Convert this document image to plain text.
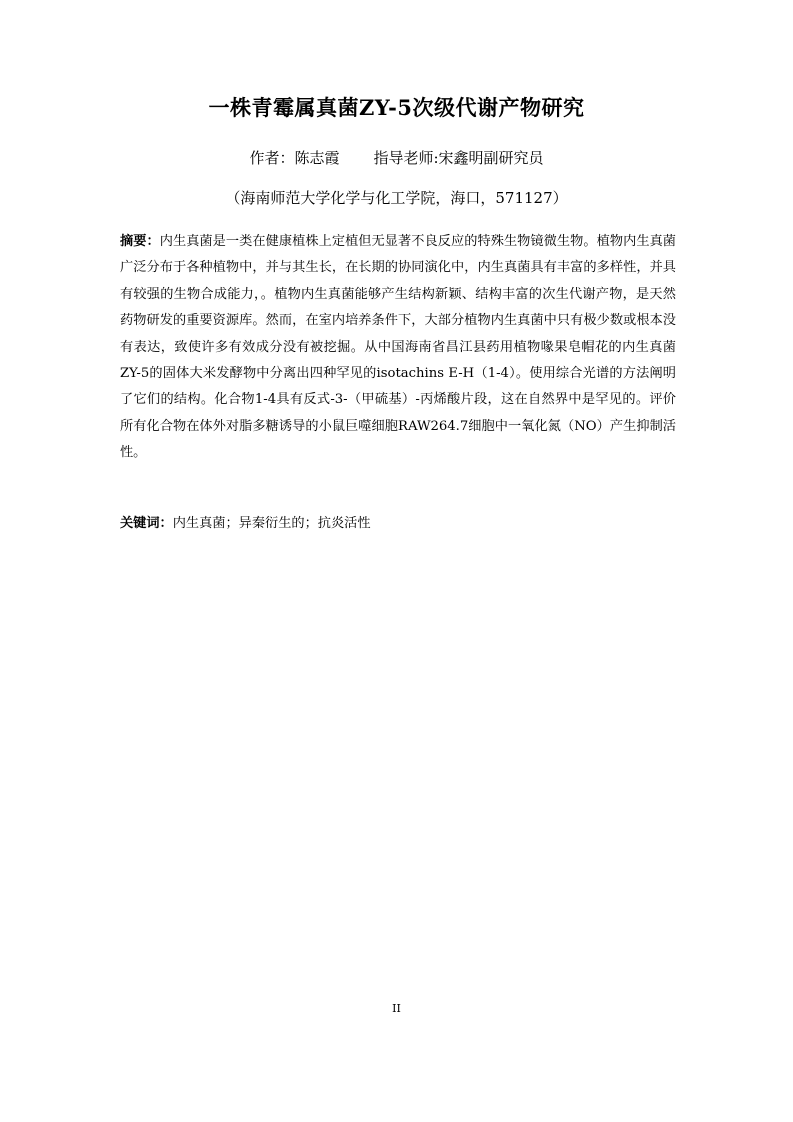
一株青霉属真菌ZY-5次级代谢产物研究
作者：陈志霞 指导老师:宋鑫明副研究员
（海南师范大学化学与化工学院，海口，571127）

摘要：内生真菌是一类在健康植株上定植但无显著不良反应的特殊生物镜微生物。植物内生真菌广泛分布于各种植物中，并与其生长，在长期的协同演化中，内生真菌具有丰富的多样性，并具有较强的生物合成能力，。植物内生真菌能够产生结构新颖、结构丰富的次生代谢产物，是天然药物研发的重要资源库。然而，在室内培养条件下，大部分植物内生真菌中只有极少数或根本没有表达，致使许多有效成分没有被挖掘。从中国海南省昌江县药用植物喙果皂帽花的内生真菌ZY-5的固体大米发酵物中分离出四种罕见的isotachins E-H（1-4）。使用综合光谱的方法阐明了它们的结构。化合物1-4具有反式-3-（甲硫基）-丙烯酸片段，这在自然界中是罕见的。评价所有化合物在体外对脂多糖诱导的小鼠巨噬细胞RAW264.7细胞中一氧化氮（NO）产生抑制活性。

关键词：内生真菌；异秦衍生的；抗炎活性

II
